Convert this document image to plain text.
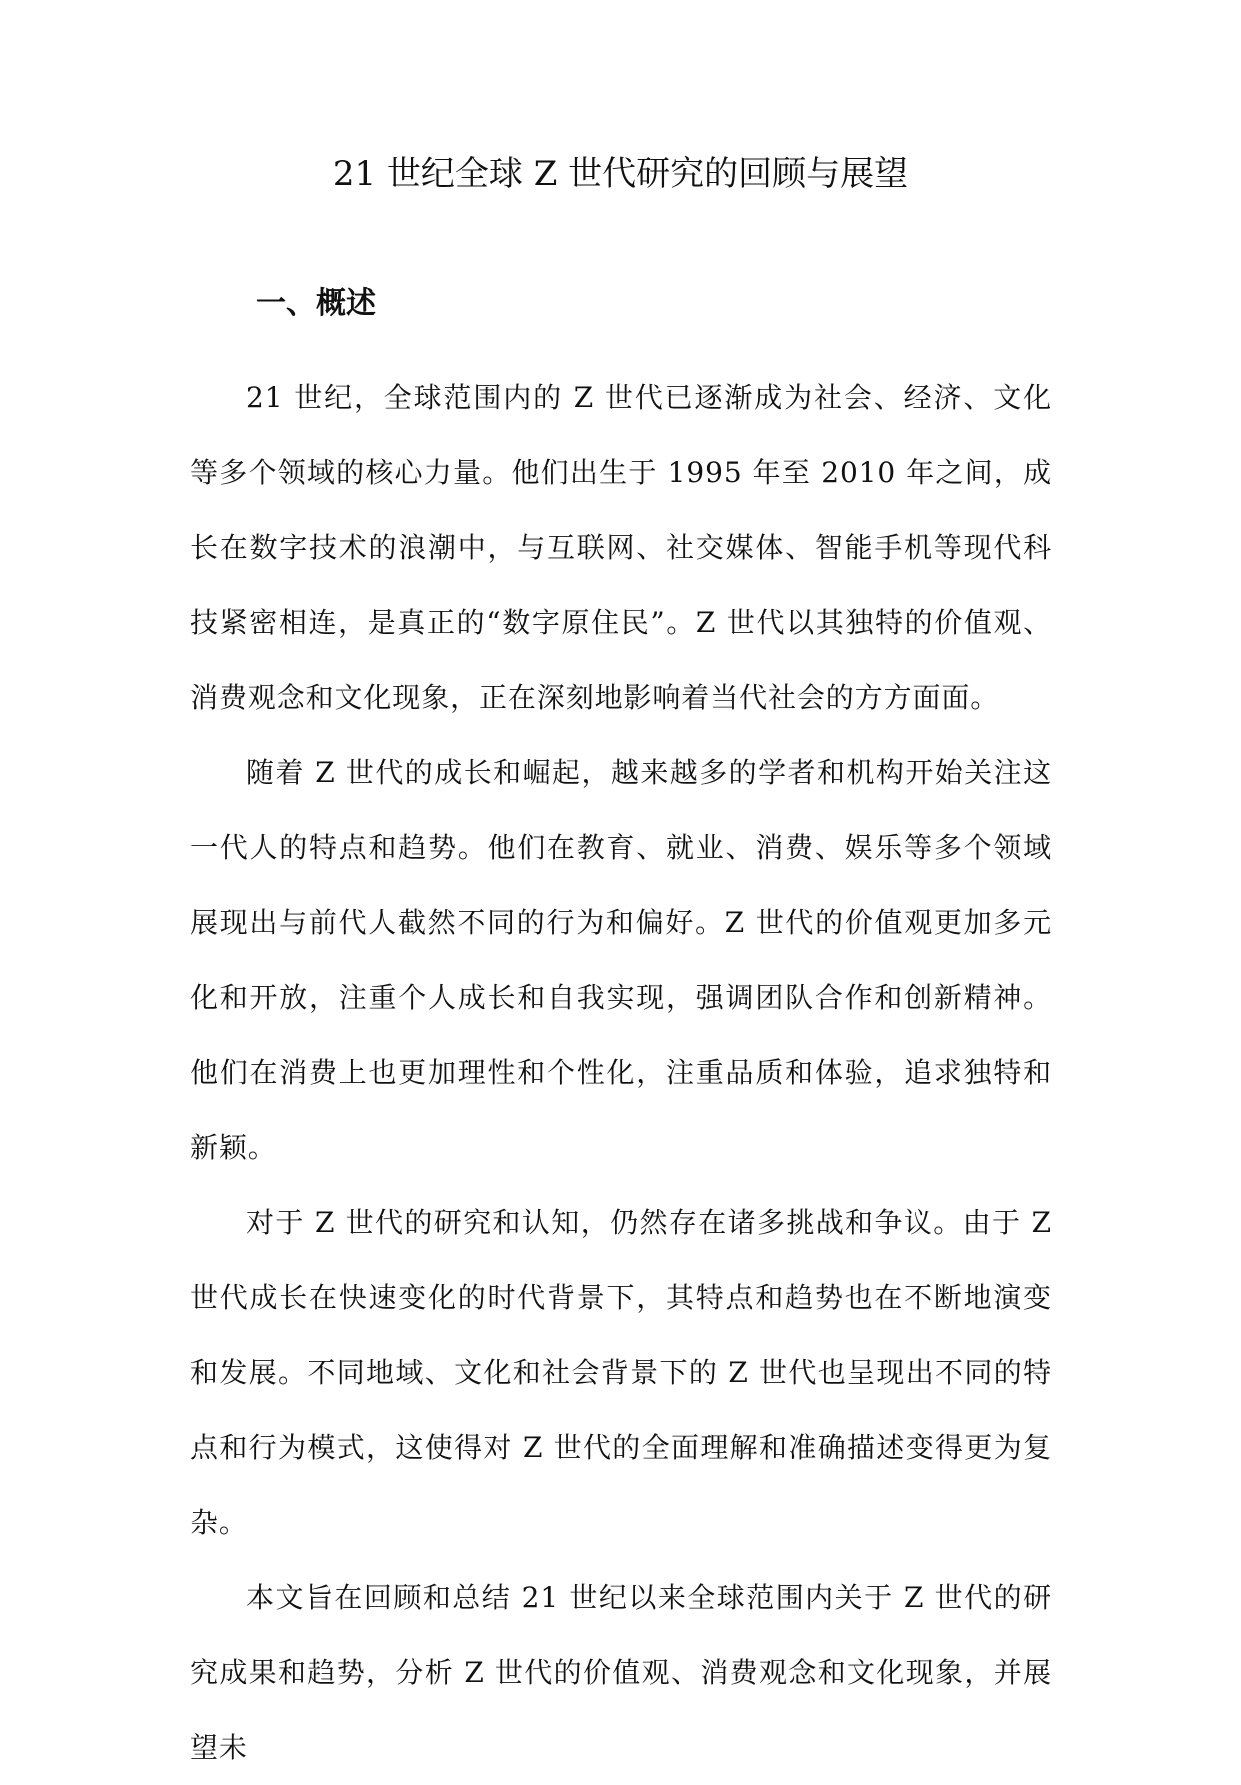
21 世纪全球 Z 世代研究的回顾与展望
一、概述

21 世纪，全球范围内的 Z 世代已逐渐成为社会、经济、文化等多个领域的核心力量。他们出生于 1995 年至 2010 年之间，成长在数字技术的浪潮中，与互联网、社交媒体、智能手机等现代科技紧密相连，是真正的“数字原住民”。Z 世代以其独特的价值观、消费观念和文化现象，正在深刻地影响着当代社会的方方面面。

随着 Z 世代的成长和崛起，越来越多的学者和机构开始关注这一代人的特点和趋势。他们在教育、就业、消费、娱乐等多个领域展现出与前代人截然不同的行为和偏好。Z 世代的价值观更加多元化和开放，注重个人成长和自我实现，强调团队合作和创新精神。他们在消费上也更加理性和个性化，注重品质和体验，追求独特和新颖。

对于 Z 世代的研究和认知，仍然存在诸多挑战和争议。由于 Z 世代成长在快速变化的时代背景下，其特点和趋势也在不断地演变和发展。不同地域、文化和社会背景下的 Z 世代也呈现出不同的特点和行为模式，这使得对 Z 世代的全面理解和准确描述变得更为复杂。

本文旨在回顾和总结 21 世纪以来全球范围内关于 Z 世代的研究成果和趋势，分析 Z 世代的价值观、消费观念和文化现象，并展望未
